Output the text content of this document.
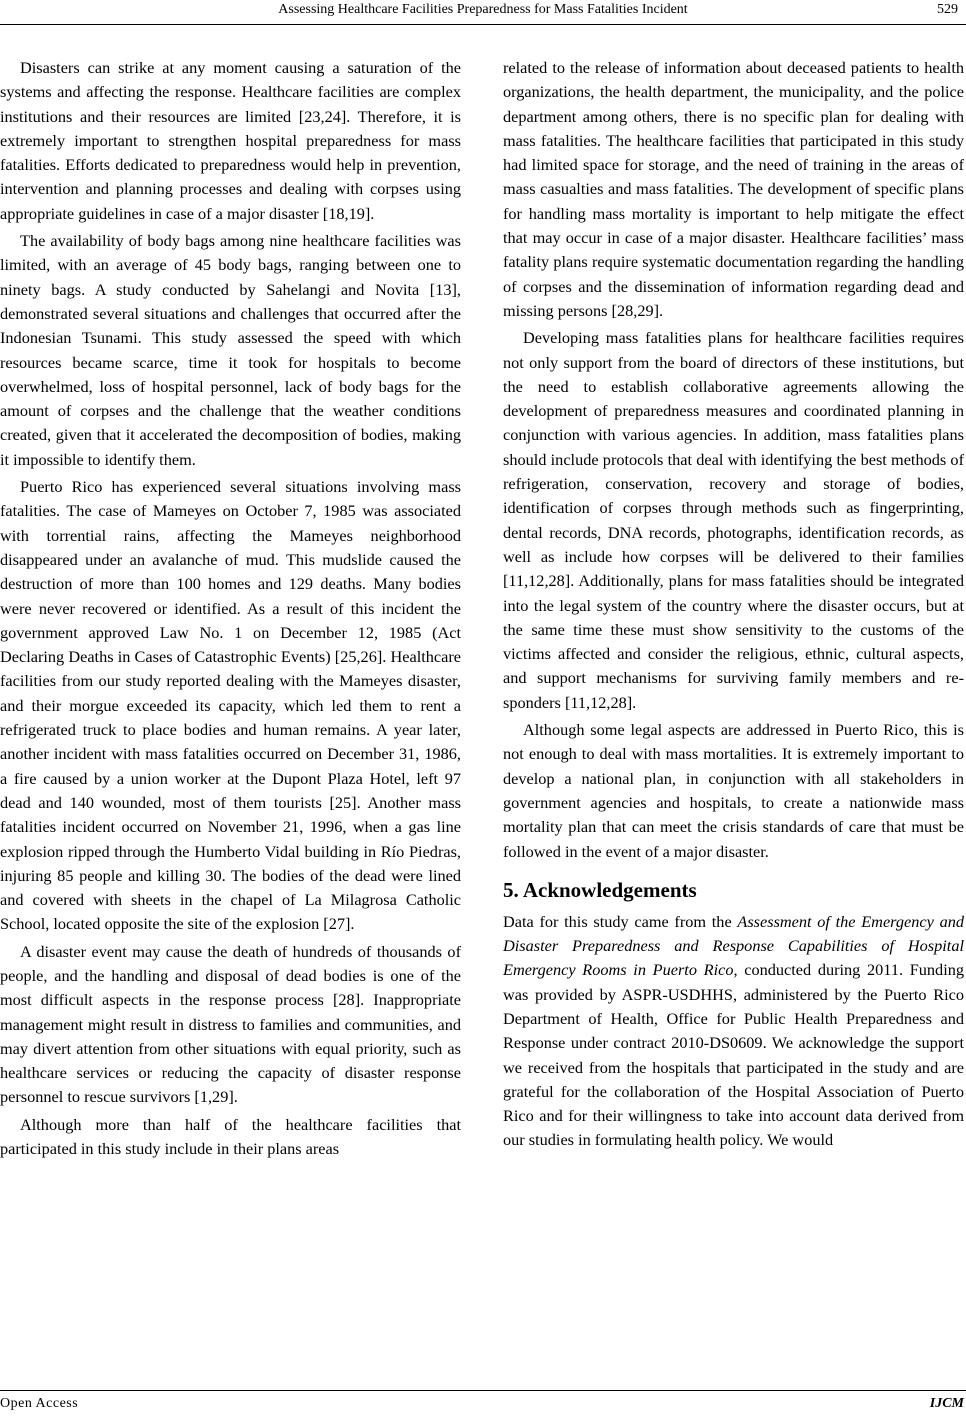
Assessing Healthcare Facilities Preparedness for Mass Fatalities Incident	529

Disasters can strike at any moment causing a saturation of the systems and affecting the response. Healthcare facilities are complex institutions and their resources are limited [23,24]. Therefore, it is extremely important to strengthen hospital preparedness for mass fatalities. Efforts dedicated to preparedness would help in prevention, intervention and planning processes and dealing with corpses using appropriate guidelines in case of a major disaster [18,19].

The availability of body bags among nine healthcare facilities was limited, with an average of 45 body bags, ranging between one to ninety bags. A study conducted by Sahelangi and Novita [13], demonstrated several situations and challenges that occurred after the Indonesian Tsunami. This study assessed the speed with which resources became scarce, time it took for hospitals to become overwhelmed, loss of hospital personnel, lack of body bags for the amount of corpses and the challenge that the weather conditions created, given that it accelerated the decomposition of bodies, making it impossible to identify them.

Puerto Rico has experienced several situations involving mass fatalities. The case of Mameyes on October 7, 1985 was associated with torrential rains, affecting the Mameyes neighborhood disappeared under an avalanche of mud. This mudslide caused the destruction of more than 100 homes and 129 deaths. Many bodies were never recovered or identified. As a result of this incident the government approved Law No. 1 on December 12, 1985 (Act Declaring Deaths in Cases of Catastrophic Events) [25,26]. Healthcare facilities from our study reported dealing with the Mameyes disaster, and their morgue exceeded its capacity, which led them to rent a refrigerated truck to place bodies and human remains. A year later, another incident with mass fatalities occurred on December 31, 1986, a fire caused by a union worker at the Dupont Plaza Hotel, left 97 dead and 140 wounded, most of them tourists [25]. Another mass fatalities incident occurred on November 21, 1996, when a gas line explosion ripped through the Humberto Vidal building in Río Piedras, injuring 85 people and killing 30. The bodies of the dead were lined and covered with sheets in the chapel of La Milagrosa Catholic School, located opposite the site of the explosion [27].

A disaster event may cause the death of hundreds of thousands of people, and the handling and disposal of dead bodies is one of the most difficult aspects in the response process [28]. Inappropriate management might result in distress to families and communities, and may divert attention from other situations with equal priority, such as healthcare services or reducing the capacity of disaster response personnel to rescue survivors [1,29].

Although more than half of the healthcare facilities that participated in this study include in their plans areas

related to the release of information about deceased patients to health organizations, the health department, the municipality, and the police department among others, there is no specific plan for dealing with mass fatalities. The healthcare facilities that participated in this study had limited space for storage, and the need of training in the areas of mass casualties and mass fatalities. The development of specific plans for handling mass mortality is important to help mitigate the effect that may occur in case of a major disaster. Healthcare facilities’ mass fatality plans require systematic documentation regarding the handling of corpses and the dissemination of information regarding dead and missing persons [28,29].

Developing mass fatalities plans for healthcare facilities requires not only support from the board of directors of these institutions, but the need to establish collaborative agreements allowing the development of preparedness measures and coordinated planning in conjunction with various agencies. In addition, mass fatalities plans should include protocols that deal with identifying the best methods of refrigeration, conservation, recovery and storage of bodies, identification of corpses through methods such as fingerprinting, dental records, DNA records, photographs, identification records, as well as include how corpses will be delivered to their families [11,12,28]. Additionally, plans for mass fatalities should be integrated into the legal system of the country where the disaster occurs, but at the same time these must show sensitivity to the customs of the victims affected and consider the religious, ethnic, cultural aspects, and support mechanisms for surviving family members and responders [11,12,28].

Although some legal aspects are addressed in Puerto Rico, this is not enough to deal with mass mortalities. It is extremely important to develop a national plan, in conjunction with all stakeholders in government agencies and hospitals, to create a nationwide mass mortality plan that can meet the crisis standards of care that must be followed in the event of a major disaster.

5. Acknowledgements

Data for this study came from the Assessment of the Emergency and Disaster Preparedness and Response Capabilities of Hospital Emergency Rooms in Puerto Rico, conducted during 2011. Funding was provided by ASPR-USDHHS, administered by the Puerto Rico Department of Health, Office for Public Health Preparedness and Response under contract 2010-DS0609. We acknowledge the support we received from the hospitals that participated in the study and are grateful for the collaboration of the Hospital Association of Puerto Rico and for their willingness to take into account data derived from our studies in formulating health policy. We would

Open Access	IJCM
